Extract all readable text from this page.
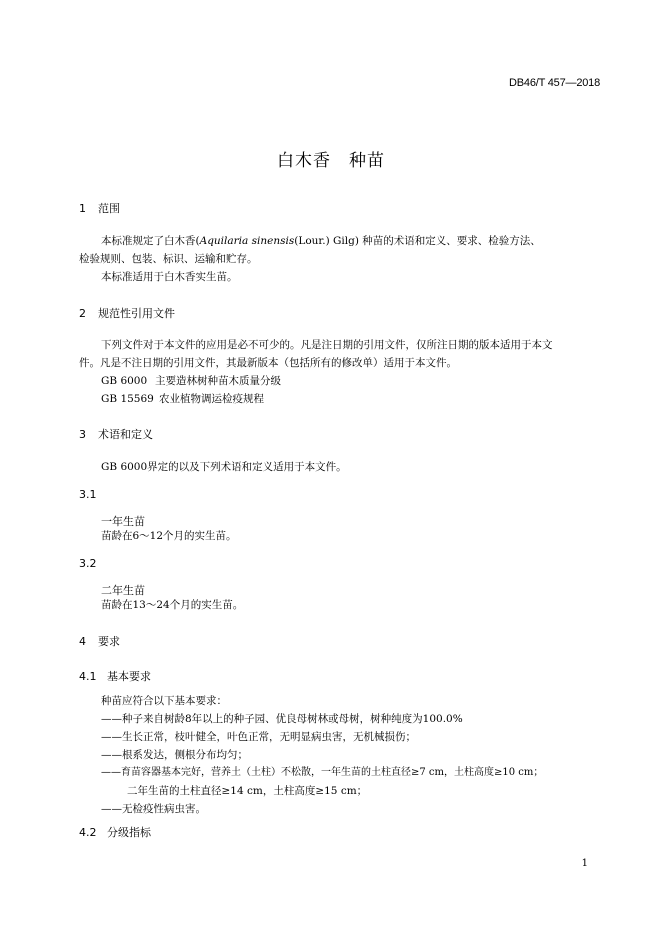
DB46/T 457—2018
白木香　种苗
1 范围
本标准规定了白木香(Aquilaria sinensis(Lour.) Gilg) 种苗的术语和定义、要求、检验方法、
检验规则、包装、标识、运输和贮存。
本标准适用于白木香实生苗。
2 规范性引用文件
下列文件对于本文件的应用是必不可少的。凡是注日期的引用文件，仅所注日期的版本适用于本文
件。凡是不注日期的引用文件，其最新版本（包括所有的修改单）适用于本文件。
GB 6000 主要造林树种苗木质量分级
GB 15569 农业植物调运检疫规程
3 术语和定义
GB 6000界定的以及下列术语和定义适用于本文件。
3.1
一年生苗
苗龄在6～12个月的实生苗。
3.2
二年生苗
苗龄在13～24个月的实生苗。
4 要求
4.1 基本要求
种苗应符合以下基本要求：
——种子来自树龄8年以上的种子园、优良母树林或母树，树种纯度为100.0%
——生长正常，枝叶健全，叶色正常，无明显病虫害，无机械损伤；
——根系发达，侧根分布均匀；
——育苗容器基本完好，营养土（土柱）不松散，一年生苗的土柱直径≥7 cm，土柱高度≥10 cm；
二年生苗的土柱直径≥14 cm，土柱高度≥15 cm；
——无检疫性病虫害。
4.2 分级指标
1
